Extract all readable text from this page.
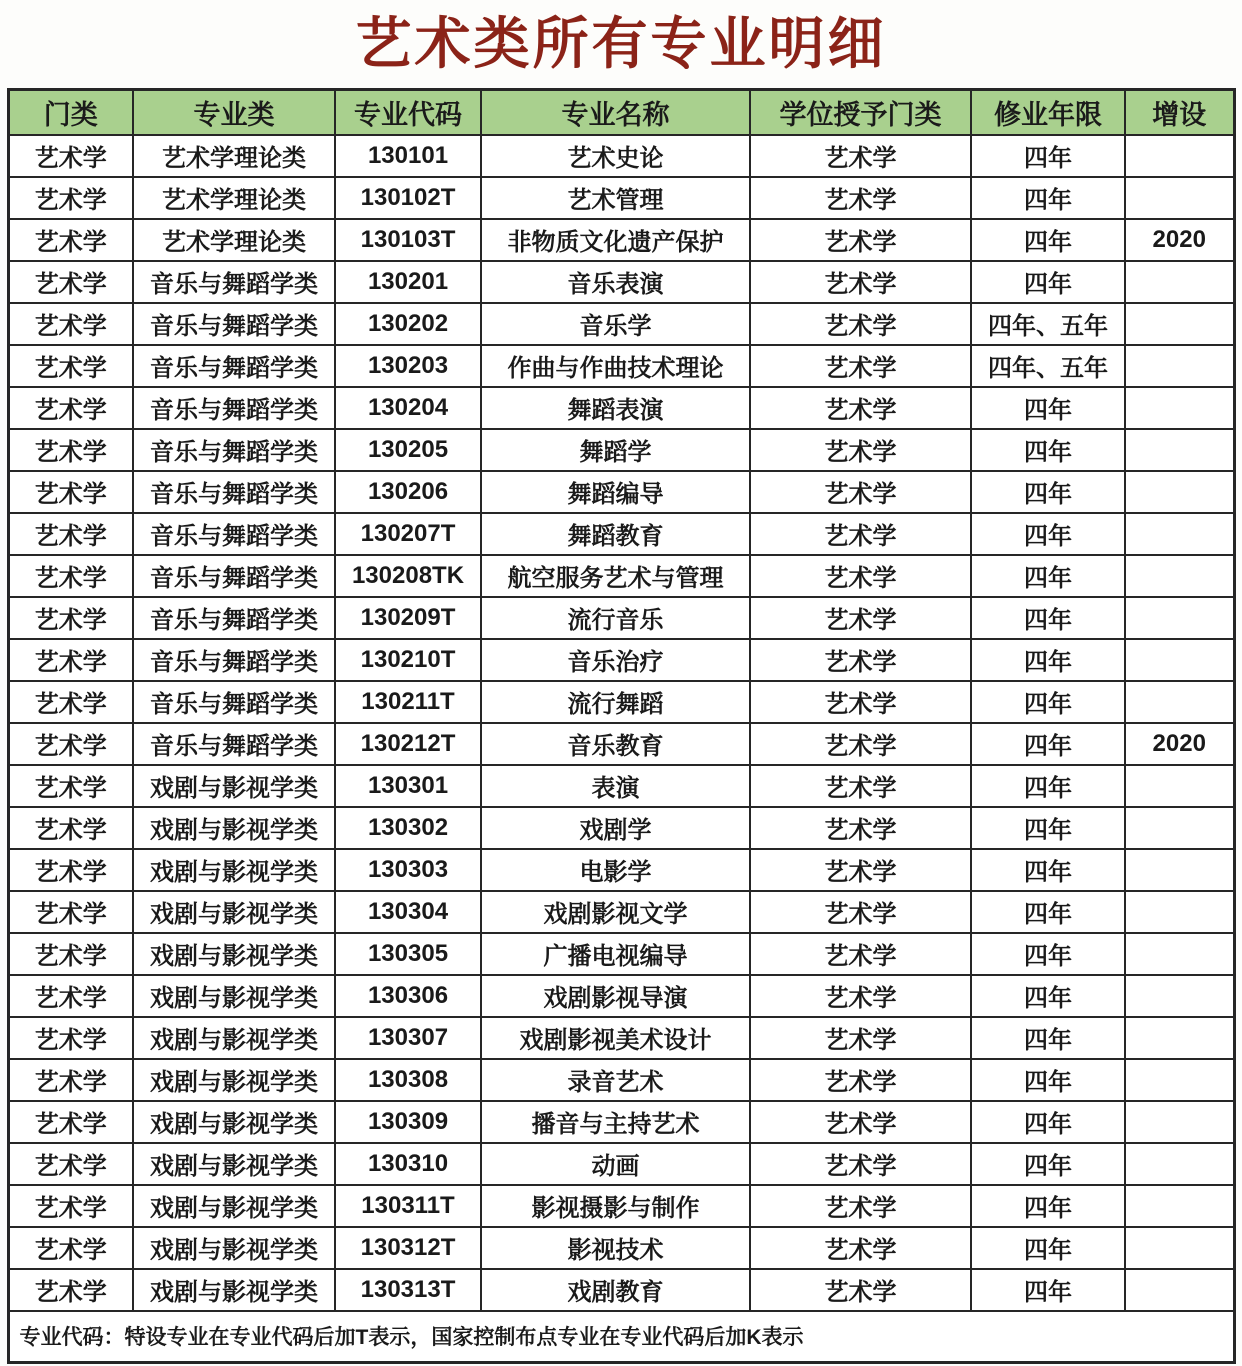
艺术类所有专业明细
门类	专业类	专业代码	专业名称	学位授予门类	修业年限	增设
艺术学	艺术学理论类	130101	艺术史论	艺术学	四年	
艺术学	艺术学理论类	130102T	艺术管理	艺术学	四年	
艺术学	艺术学理论类	130103T	非物质文化遗产保护	艺术学	四年	2020
艺术学	音乐与舞蹈学类	130201	音乐表演	艺术学	四年	
艺术学	音乐与舞蹈学类	130202	音乐学	艺术学	四年、五年	
艺术学	音乐与舞蹈学类	130203	作曲与作曲技术理论	艺术学	四年、五年	
艺术学	音乐与舞蹈学类	130204	舞蹈表演	艺术学	四年	
艺术学	音乐与舞蹈学类	130205	舞蹈学	艺术学	四年	
艺术学	音乐与舞蹈学类	130206	舞蹈编导	艺术学	四年	
艺术学	音乐与舞蹈学类	130207T	舞蹈教育	艺术学	四年	
艺术学	音乐与舞蹈学类	130208TK	航空服务艺术与管理	艺术学	四年	
艺术学	音乐与舞蹈学类	130209T	流行音乐	艺术学	四年	
艺术学	音乐与舞蹈学类	130210T	音乐治疗	艺术学	四年	
艺术学	音乐与舞蹈学类	130211T	流行舞蹈	艺术学	四年	
艺术学	音乐与舞蹈学类	130212T	音乐教育	艺术学	四年	2020
艺术学	戏剧与影视学类	130301	表演	艺术学	四年	
艺术学	戏剧与影视学类	130302	戏剧学	艺术学	四年	
艺术学	戏剧与影视学类	130303	电影学	艺术学	四年	
艺术学	戏剧与影视学类	130304	戏剧影视文学	艺术学	四年	
艺术学	戏剧与影视学类	130305	广播电视编导	艺术学	四年	
艺术学	戏剧与影视学类	130306	戏剧影视导演	艺术学	四年	
艺术学	戏剧与影视学类	130307	戏剧影视美术设计	艺术学	四年	
艺术学	戏剧与影视学类	130308	录音艺术	艺术学	四年	
艺术学	戏剧与影视学类	130309	播音与主持艺术	艺术学	四年	
艺术学	戏剧与影视学类	130310	动画	艺术学	四年	
艺术学	戏剧与影视学类	130311T	影视摄影与制作	艺术学	四年	
艺术学	戏剧与影视学类	130312T	影视技术	艺术学	四年	
艺术学	戏剧与影视学类	130313T	戏剧教育	艺术学	四年	
专业代码：特设专业在专业代码后加T表示，国家控制布点专业在专业代码后加K表示						
